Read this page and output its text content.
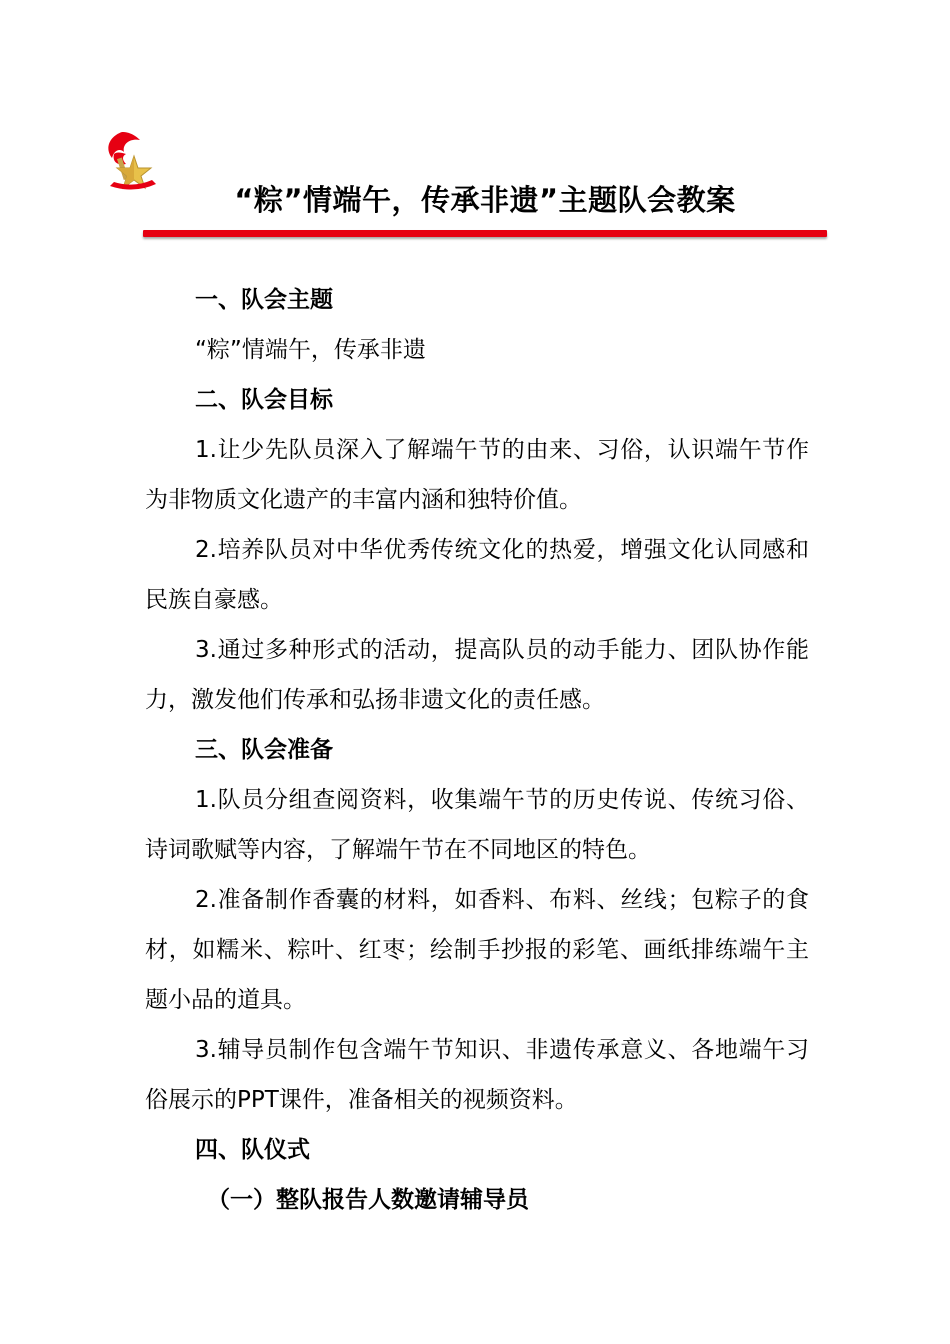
“粽”情端午，传承非遗”主题队会教案

一、队会主题

“粽”情端午，传承非遗

二、队会目标

1.让少先队员深入了解端午节的由来、习俗，认识端午节作为非物质文化遗产的丰富内涵和独特价值。

2.培养队员对中华优秀传统文化的热爱，增强文化认同感和民族自豪感。

3.通过多种形式的活动，提高队员的动手能力、团队协作能力，激发他们传承和弘扬非遗文化的责任感。

三、队会准备

1.队员分组查阅资料，收集端午节的历史传说、传统习俗、诗词歌赋等内容，了解端午节在不同地区的特色。

2.准备制作香囊的材料，如香料、布料、丝线；包粽子的食材，如糯米、粽叶、红枣；绘制手抄报的彩笔、画纸排练端午主题小品的道具。

3.辅导员制作包含端午节知识、非遗传承意义、各地端午习俗展示的PPT课件，准备相关的视频资料。

四、队仪式

（一）整队报告人数邀请辅导员
